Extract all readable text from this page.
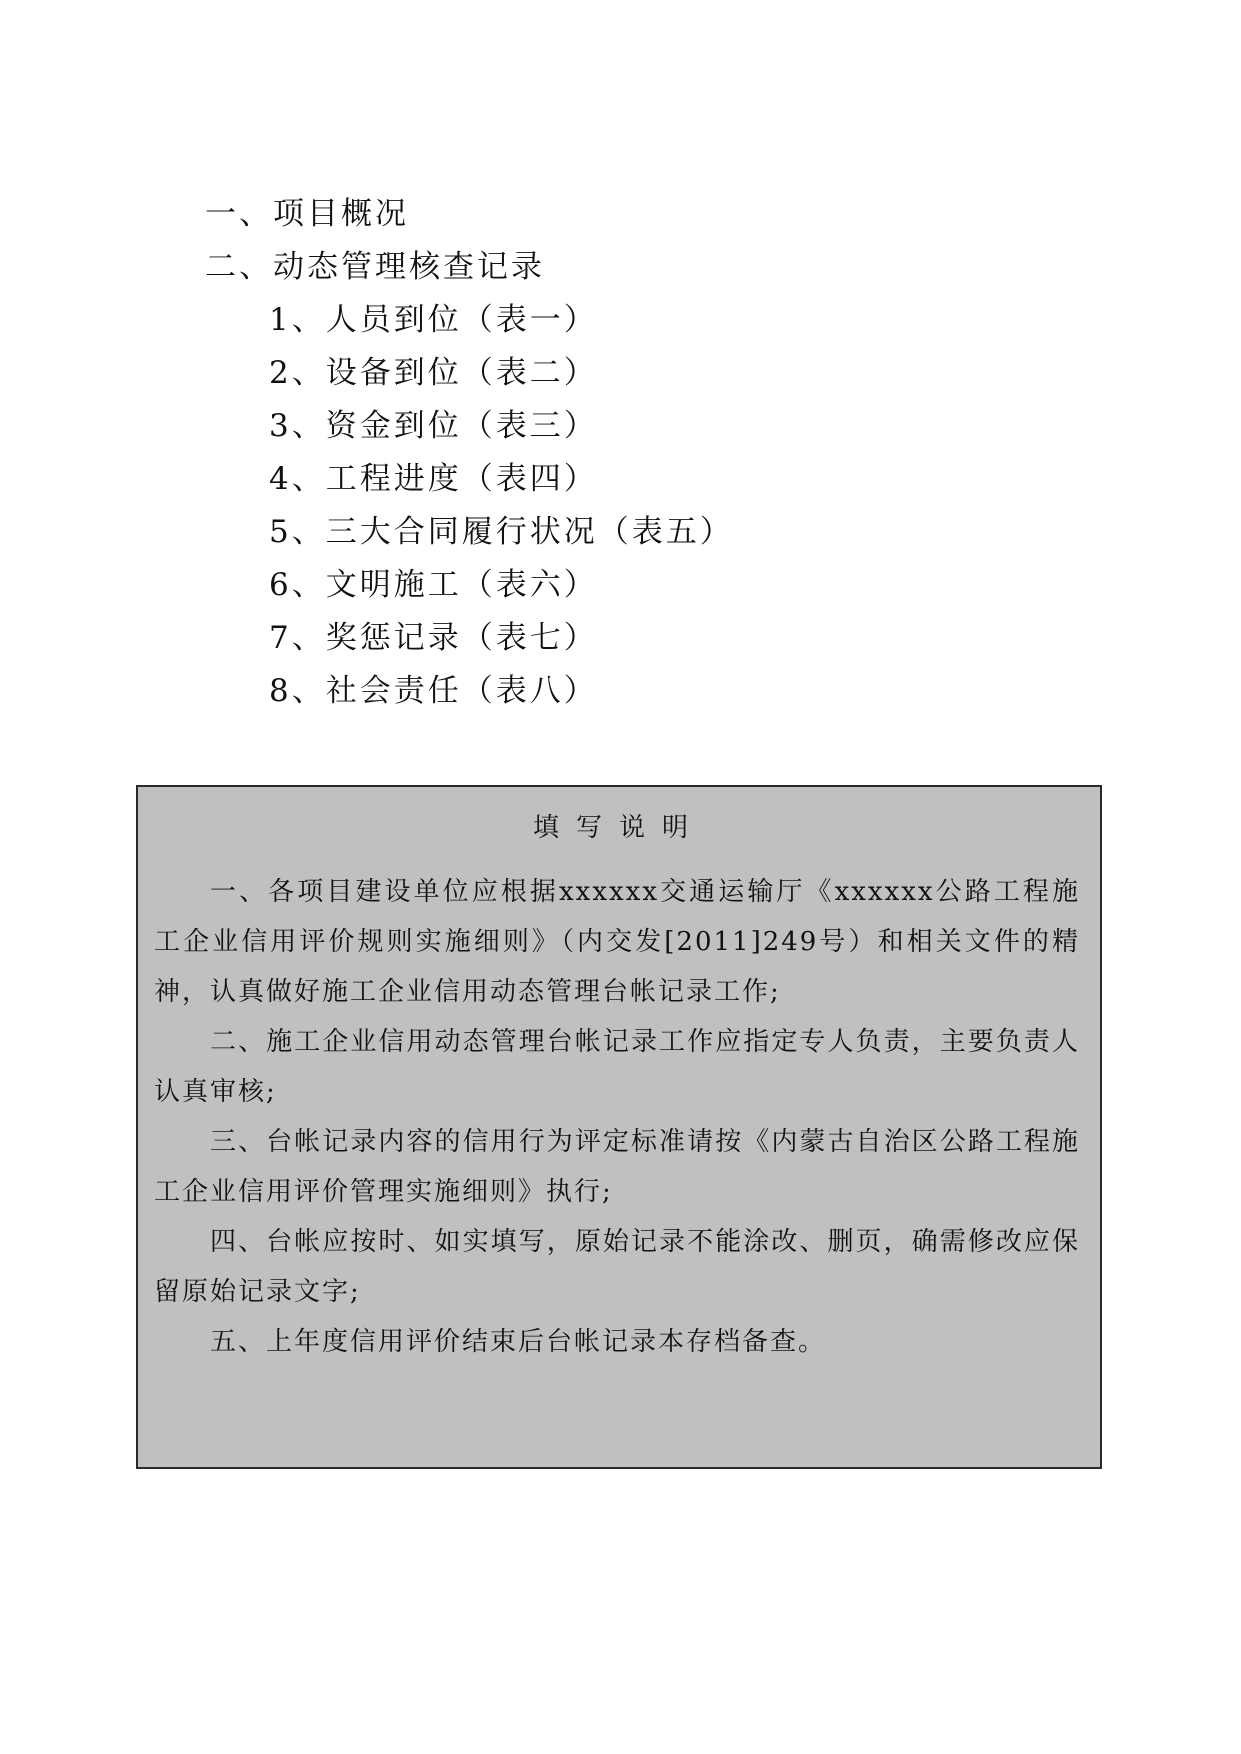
一、项目概况
二、动态管理核查记录
1、人员到位（表一）
2、设备到位（表二）
3、资金到位（表三）
4、工程进度（表四）
5、三大合同履行状况（表五）
6、文明施工（表六）
7、奖惩记录（表七）
8、社会责任（表八）
填写说明

一、各项目建设单位应根据xxxxxx交通运输厅《xxxxxx公路工程施工企业信用评价规则实施细则》（内交发[2011]249号）和相关文件的精神，认真做好施工企业信用动态管理台帐记录工作;

二、施工企业信用动态管理台帐记录工作应指定专人负责，主要负责人认真审核;

三、台帐记录内容的信用行为评定标准请按《内蒙古自治区公路工程施工企业信用评价管理实施细则》执行;

四、台帐应按时、如实填写，原始记录不能涂改、删页，确需修改应保留原始记录文字;

五、上年度信用评价结束后台帐记录本存档备查。
